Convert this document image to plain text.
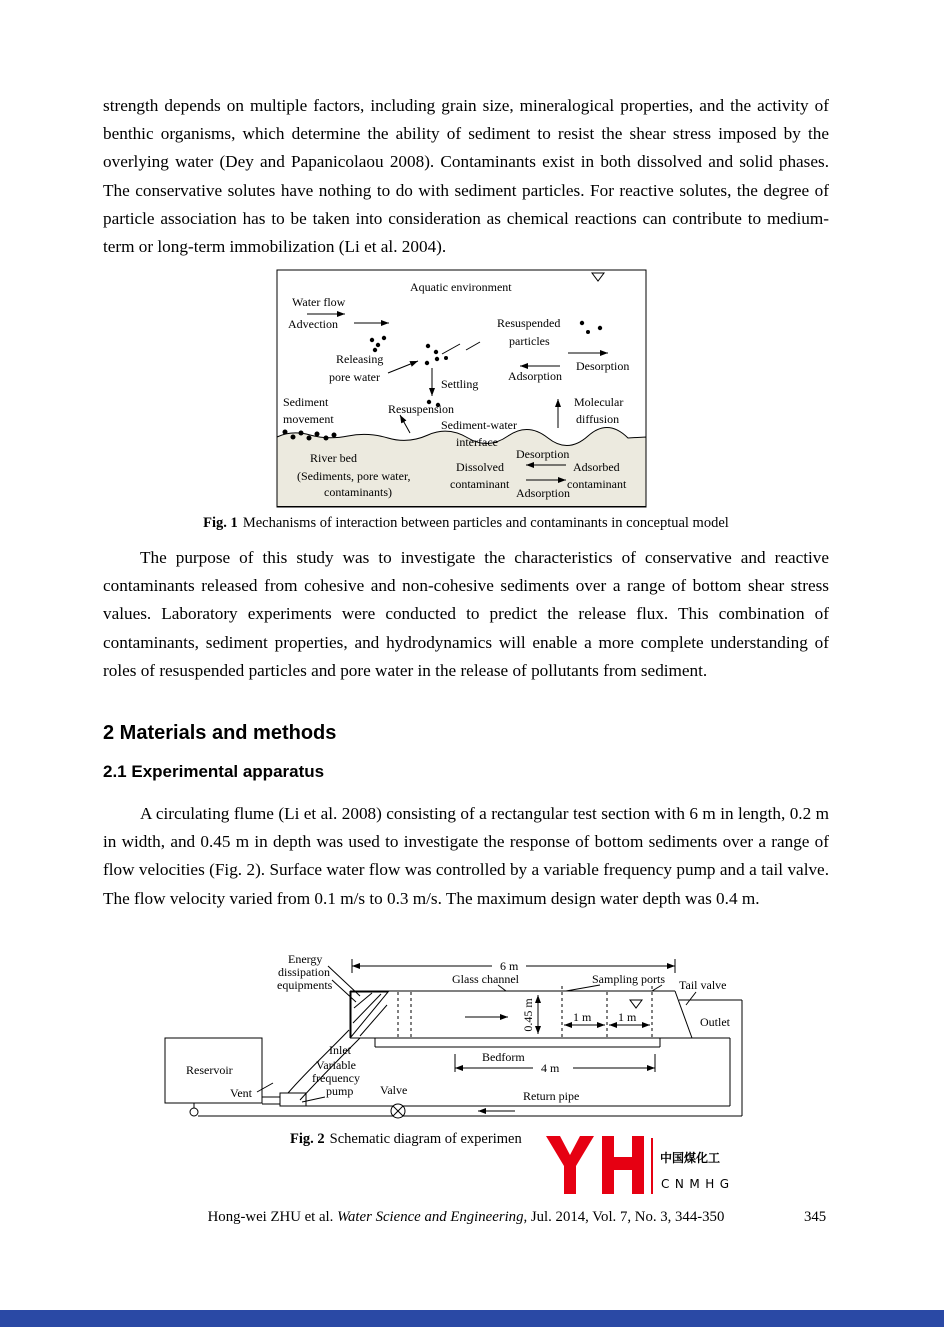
strength depends on multiple factors, including grain size, mineralogical properties, and the activity of benthic organisms, which determine the ability of sediment to resist the shear stress imposed by the overlying water (Dey and Papanicolaou 2008). Contaminants exist in both dissolved and solid phases. The conservative solutes have nothing to do with sediment particles. For reactive solutes, the degree of particle association has to be taken into consideration as chemical reactions can contribute to medium-term or long-term immobilization (Li et al. 2004).

Aquatic environment
Water flow
Advection	Resuspended
particles
Desorption
Adsorption
Releasing
pore water	Settling
Sediment
movement
Resuspension
Sediment-water
interface
Molecular
diffusion
River bed
(Sediments, pore water,
contaminants)
Desorption
Adsorption
Dissolved
contaminant
Adsorbed
contaminant
Fig. 1 Mechanisms of interaction between particles and contaminants in conceptual model

The purpose of this study was to investigate the characteristics of conservative and reactive contaminants released from cohesive and non-cohesive sediments over a range of bottom shear stress values. Laboratory experiments were conducted to predict the release flux. This combination of contaminants, sediment properties, and hydrodynamics will enable a more complete understanding of roles of resuspended particles and pore water in the release of pollutants from sediment.

2 Materials and methods
2.1 Experimental apparatus

A circulating flume (Li et al. 2008) consisting of a rectangular test section with 6 m in length, 0.2 m in width, and 0.45 m in depth was used to investigate the response of bottom sediments over a range of flow velocities (Fig. 2). Surface water flow was controlled by a variable frequency pump and a tail valve. The flow velocity varied from 0.1 m/s to 0.3 m/s. The maximum design water depth was 0.4 m.

Energy
dissipation
equipments	Glass channel	Sampling ports Tail valve
Outlet
Inlet
Reservoir
Vent
Variable
frequency
pump Valve	Return pipe
Bedform
6 m
0.45 m	1 m 1 m
4 m
Fig. 2 Schematic diagram of experimen
中国煤化工
CNMHG
Hong-wei ZHU et al. Water Science and Engineering, Jul. 2014, Vol. 7, No. 3, 344-350	345
